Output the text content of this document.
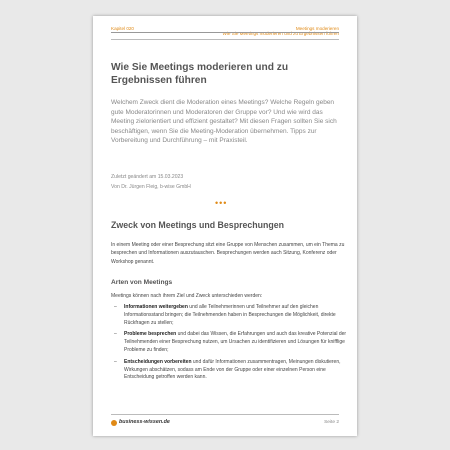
Kapitel 020	Meetings moderieren
Wie Sie Meetings moderieren und zu Ergebnissen führen
Wie Sie Meetings moderieren und zu Ergebnissen führen

Welchem Zweck dient die Moderation eines Meetings? Welche Regeln geben gute Moderatorinnen und Moderatoren der Gruppe vor? Und wie wird das Meeting zielorientiert und effizient gestaltet? Mit diesen Fragen sollten Sie sich beschäftigen, wenn Sie die Meeting-Moderation übernehmen. Tipps zur Vorbereitung und Durchführung – mit Praxisteil.

Zuletzt geändert am 15.03.2023

Von Dr. Jürgen Fleig, b-wise GmbH

•••
Zweck von Meetings und Besprechungen

In einem Meeting oder einer Besprechung sitzt eine Gruppe von Menschen zusammen, um ein Thema zu besprechen und Informationen auszutauschen. Besprechungen werden auch Sitzung, Konferenz oder Workshop genannt.

Arten von Meetings

Meetings können nach ihrem Ziel und Zweck unterschieden werden:

– Informationen weitergeben und alle Teilnehmerinnen und Teilnehmer auf den gleichen Informationsstand bringen; die Teilnehmenden haben in Besprechungen die Möglichkeit, direkte Rückfragen zu stellen;
– Probleme besprechen und dabei das Wissen, die Erfahrungen und auch das kreative Potenzial der Teilnehmenden einer Besprechung nutzen, um Ursachen zu identifizieren und Lösungen für knifflige Probleme zu finden;
– Entscheidungen vorbereiten und dafür Informationen zusammentragen, Meinungen diskutieren, Wirkungen abschätzen, sodass am Ende von der Gruppe oder einer einzelnen Person eine Entscheidung getroffen werden kann.
business-wissen.de	Seite 2
